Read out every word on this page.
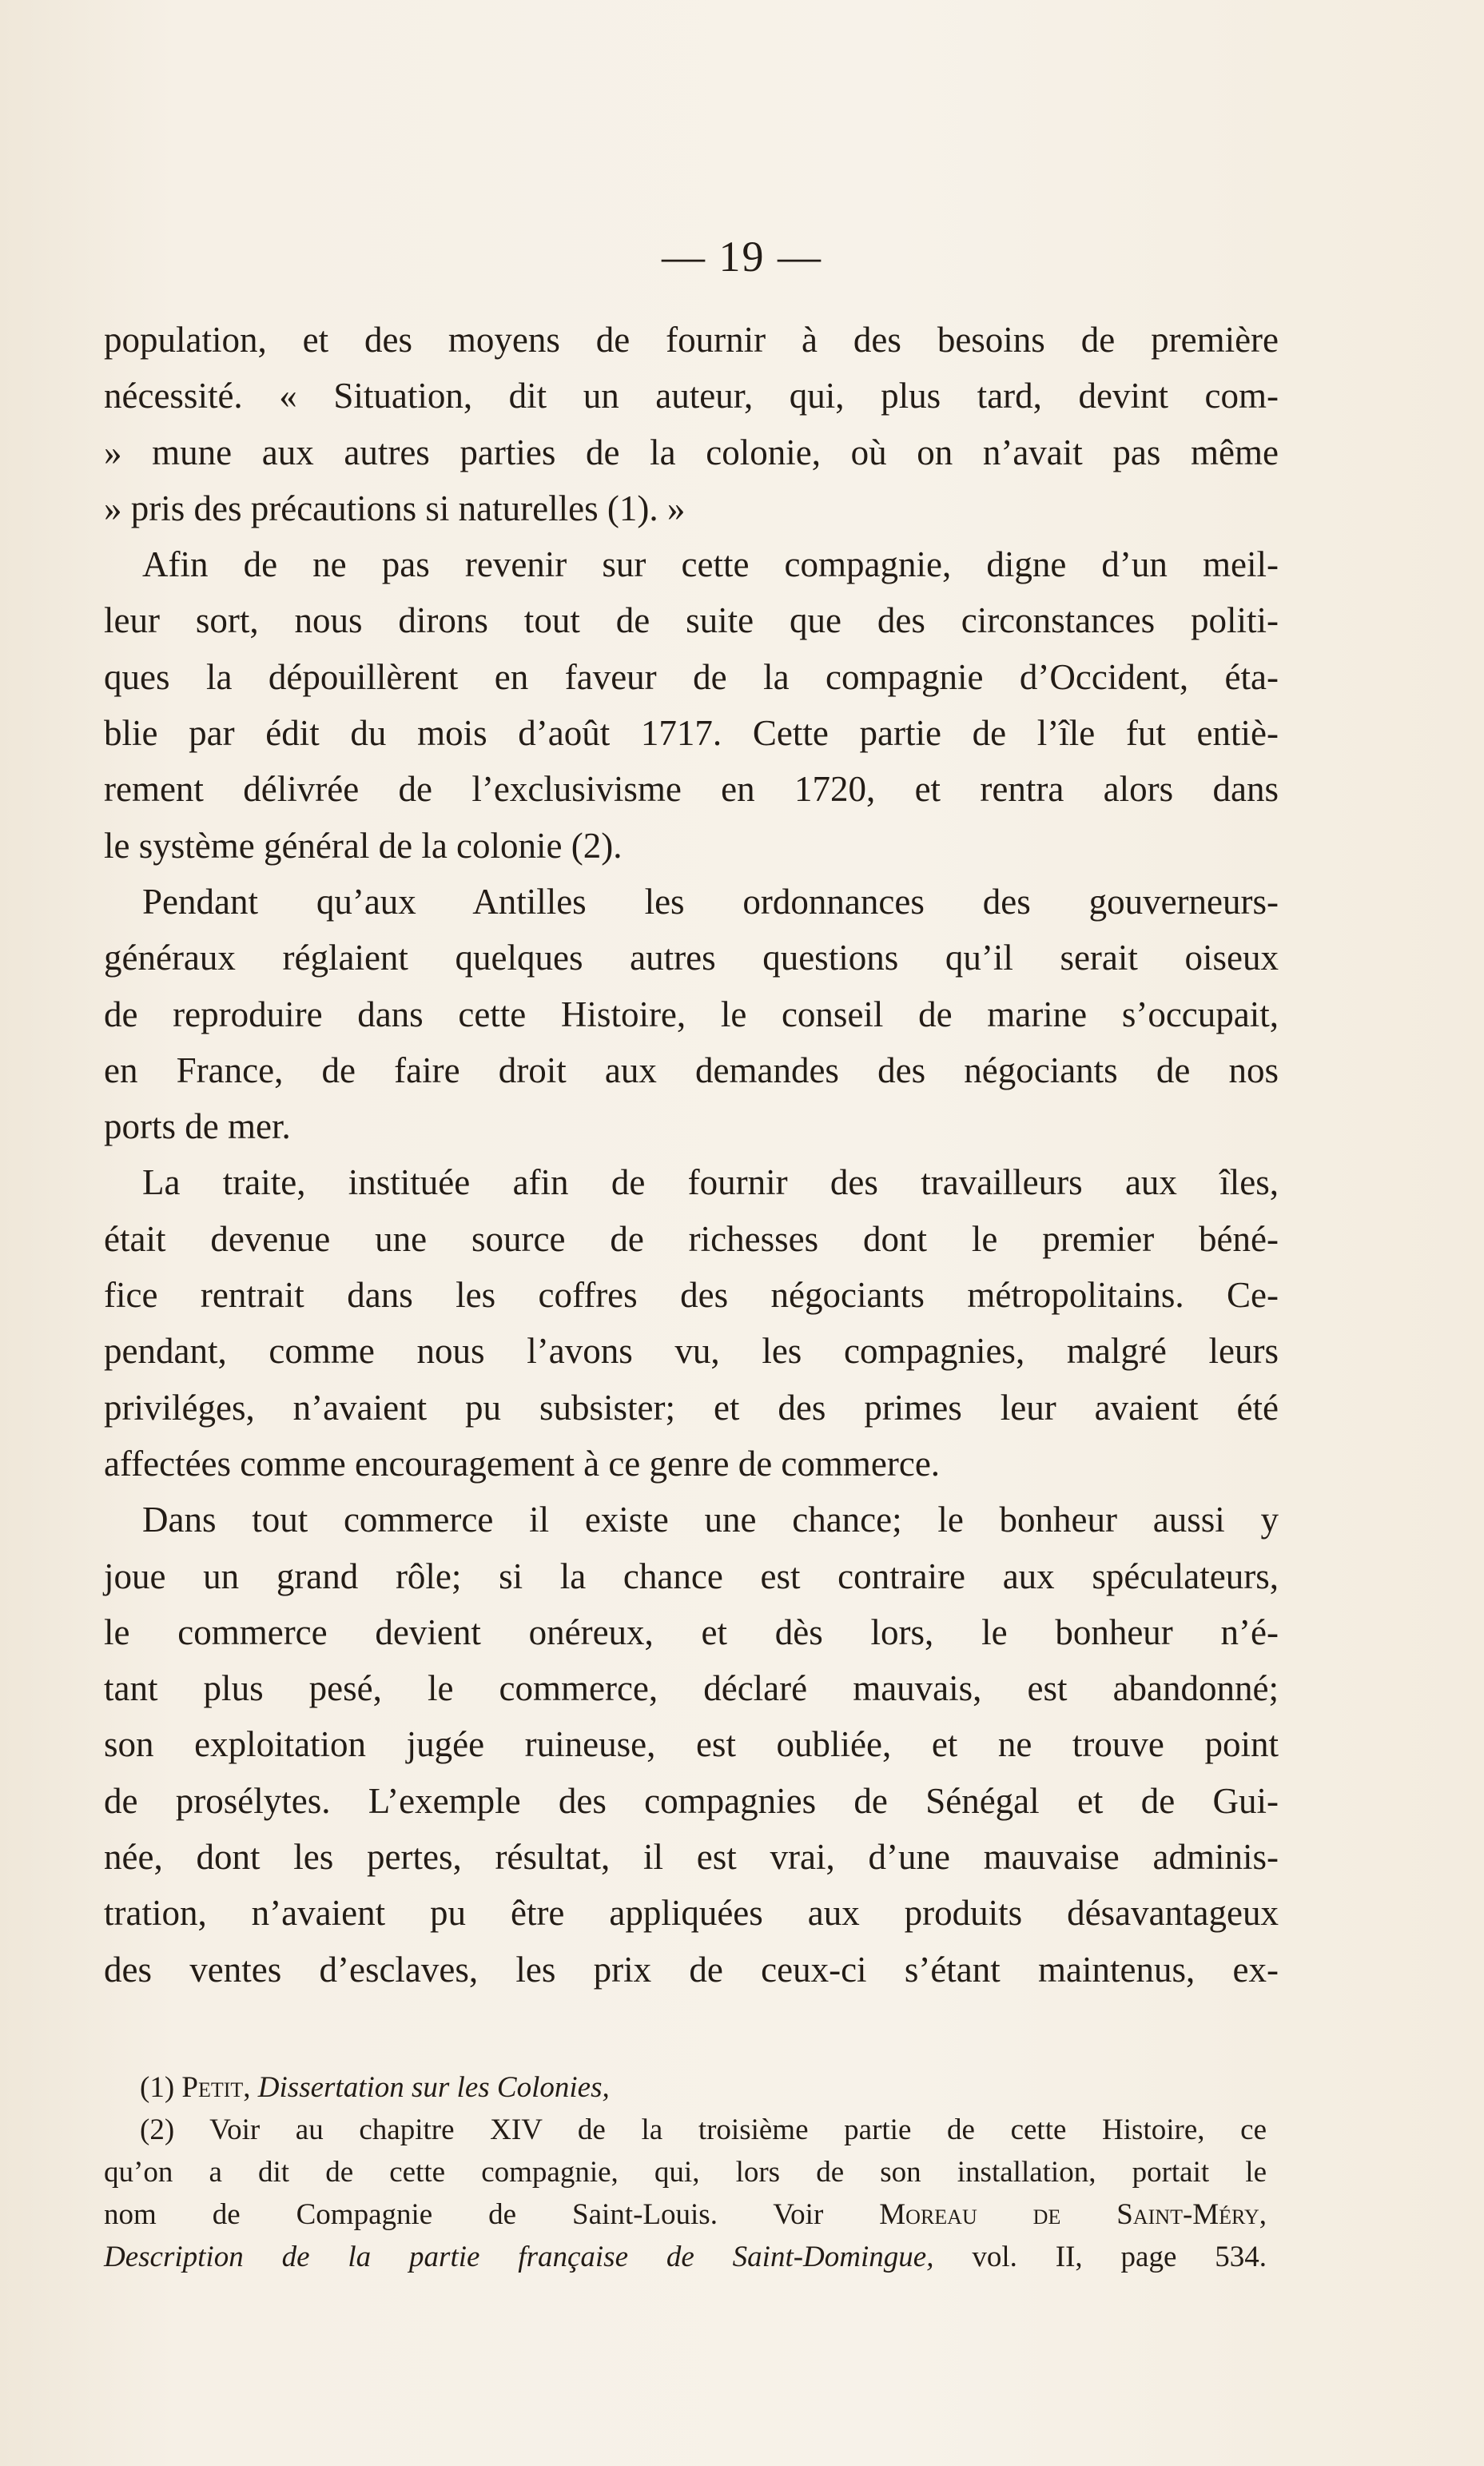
— 19 —
population, et des moyens de fournir à des besoins de première
nécessité. « Situation, dit un auteur, qui, plus tard, devint com-
» mune aux autres parties de la colonie, où on n’avait pas même
» pris des précautions si naturelles (1). »
Afin de ne pas revenir sur cette compagnie, digne d’un meil-
leur sort, nous dirons tout de suite que des circonstances politi-
ques la dépouillèrent en faveur de la compagnie d’Occident, éta-
blie par édit du mois d’août 1717. Cette partie de l’île fut entiè-
rement délivrée de l’exclusivisme en 1720, et rentra alors dans
le système général de la colonie (2).
Pendant qu’aux Antilles les ordonnances des gouverneurs-
généraux réglaient quelques autres questions qu’il serait oiseux
de reproduire dans cette Histoire, le conseil de marine s’occupait,
en France, de faire droit aux demandes des négociants de nos
ports de mer.
La traite, instituée afin de fournir des travailleurs aux îles,
était devenue une source de richesses dont le premier béné-
fice rentrait dans les coffres des négociants métropolitains. Ce-
pendant, comme nous l’avons vu, les compagnies, malgré leurs
priviléges, n’avaient pu subsister; et des primes leur avaient été
affectées comme encouragement à ce genre de commerce.
Dans tout commerce il existe une chance; le bonheur aussi y
joue un grand rôle; si la chance est contraire aux spéculateurs,
le commerce devient onéreux, et dès lors, le bonheur n’é-
tant plus pesé, le commerce, déclaré mauvais, est abandonné;
son exploitation jugée ruineuse, est oubliée, et ne trouve point
de prosélytes. L’exemple des compagnies de Sénégal et de Gui-
née, dont les pertes, résultat, il est vrai, d’une mauvaise adminis-
tration, n’avaient pu être appliquées aux produits désavantageux
des ventes d’esclaves, les prix de ceux-ci s’étant maintenus, ex-
(1) Petit, Dissertation sur les Colonies,
(2) Voir au chapitre XIV de la troisième partie de cette Histoire, ce
qu’on a dit de cette compagnie, qui, lors de son installation, portait le
nom de Compagnie de Saint-Louis. Voir Moreau de Saint-Méry,
Description de la partie française de Saint-Domingue, vol. II, page 534.
